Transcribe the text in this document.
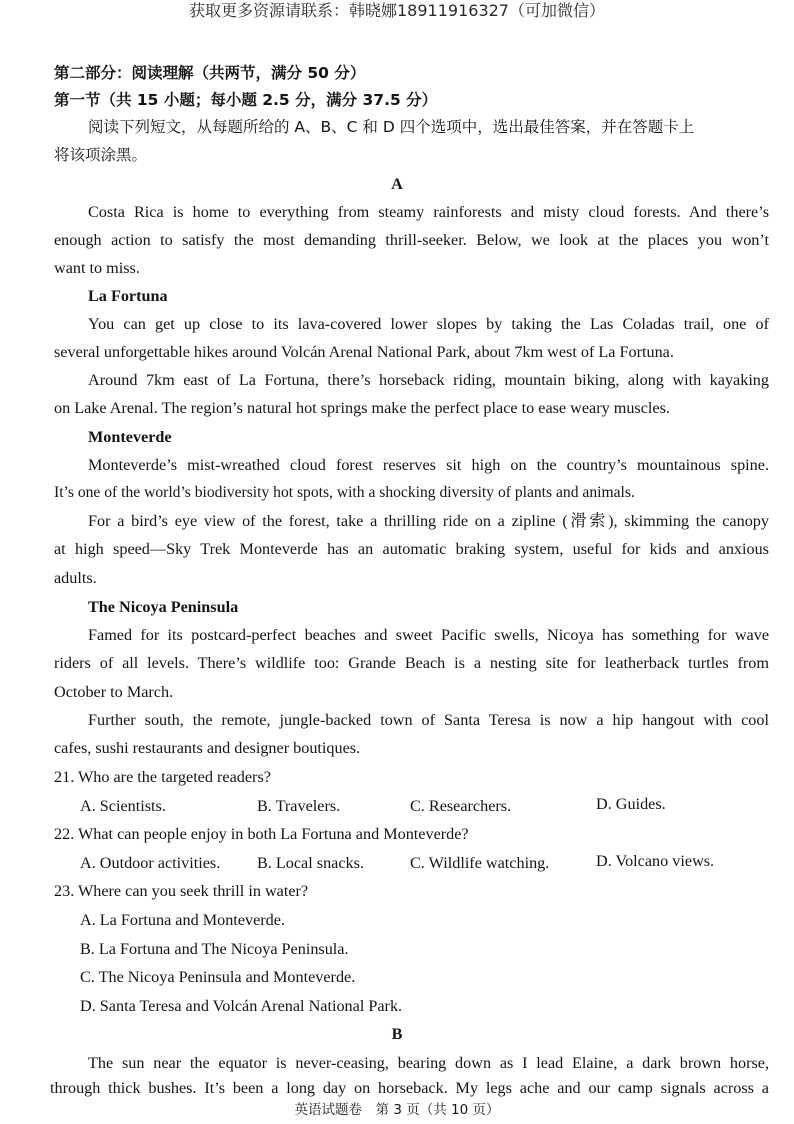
获取更多资源请联系：韩晓娜18911916327（可加微信）
第二部分：阅读理解（共两节，满分 50 分）
第一节（共 15 小题；每小题 2.5 分，满分 37.5 分）
阅读下列短文，从每题所给的 A、B、C 和 D 四个选项中，选出最佳答案，并在答题卡上
将该项涂黑。
A
Costa Rica is home to everything from steamy rainforests and misty cloud forests. And there’s
enough action to satisfy the most demanding thrill-seeker. Below, we look at the places you won’t
want to miss.
La Fortuna
You can get up close to its lava-covered lower slopes by taking the Las Coladas trail, one of
several unforgettable hikes around Volcán Arenal National Park, about 7km west of La Fortuna.
Around 7km east of La Fortuna, there’s horseback riding, mountain biking, along with kayaking
on Lake Arenal. The region’s natural hot springs make the perfect place to ease weary muscles.
Monteverde
Monteverde’s mist-wreathed cloud forest reserves sit high on the country’s mountainous spine.
It’s one of the world’s biodiversity hot spots, with a shocking diversity of plants and animals.
For a bird’s eye view of the forest, take a thrilling ride on a zipline (滑索), skimming the canopy
at high speed—Sky Trek Monteverde has an automatic braking system, useful for kids and anxious
adults.
The Nicoya Peninsula
Famed for its postcard-perfect beaches and sweet Pacific swells, Nicoya has something for wave
riders of all levels. There’s wildlife too: Grande Beach is a nesting site for leatherback turtles from
October to March.
Further south, the remote, jungle-backed town of Santa Teresa is now a hip hangout with cool
cafes, sushi restaurants and designer boutiques.
21. Who are the targeted readers?
A. Scientists.	B. Travelers.	C. Researchers.	D. Guides.
22. What can people enjoy in both La Fortuna and Monteverde?
A. Outdoor activities. B. Local snacks.	C. Wildlife watching.	D. Volcano views.
23. Where can you seek thrill in water?
A. La Fortuna and Monteverde.
B. La Fortuna and The Nicoya Peninsula.
C. The Nicoya Peninsula and Monteverde.
D. Santa Teresa and Volcán Arenal National Park.
B
The sun near the equator is never-ceasing, bearing down as I lead Elaine, a dark brown horse,
through thick bushes. It’s been a long day on horseback. My legs ache and our camp signals across a
英语试题卷　第 3 页（共 10 页）
